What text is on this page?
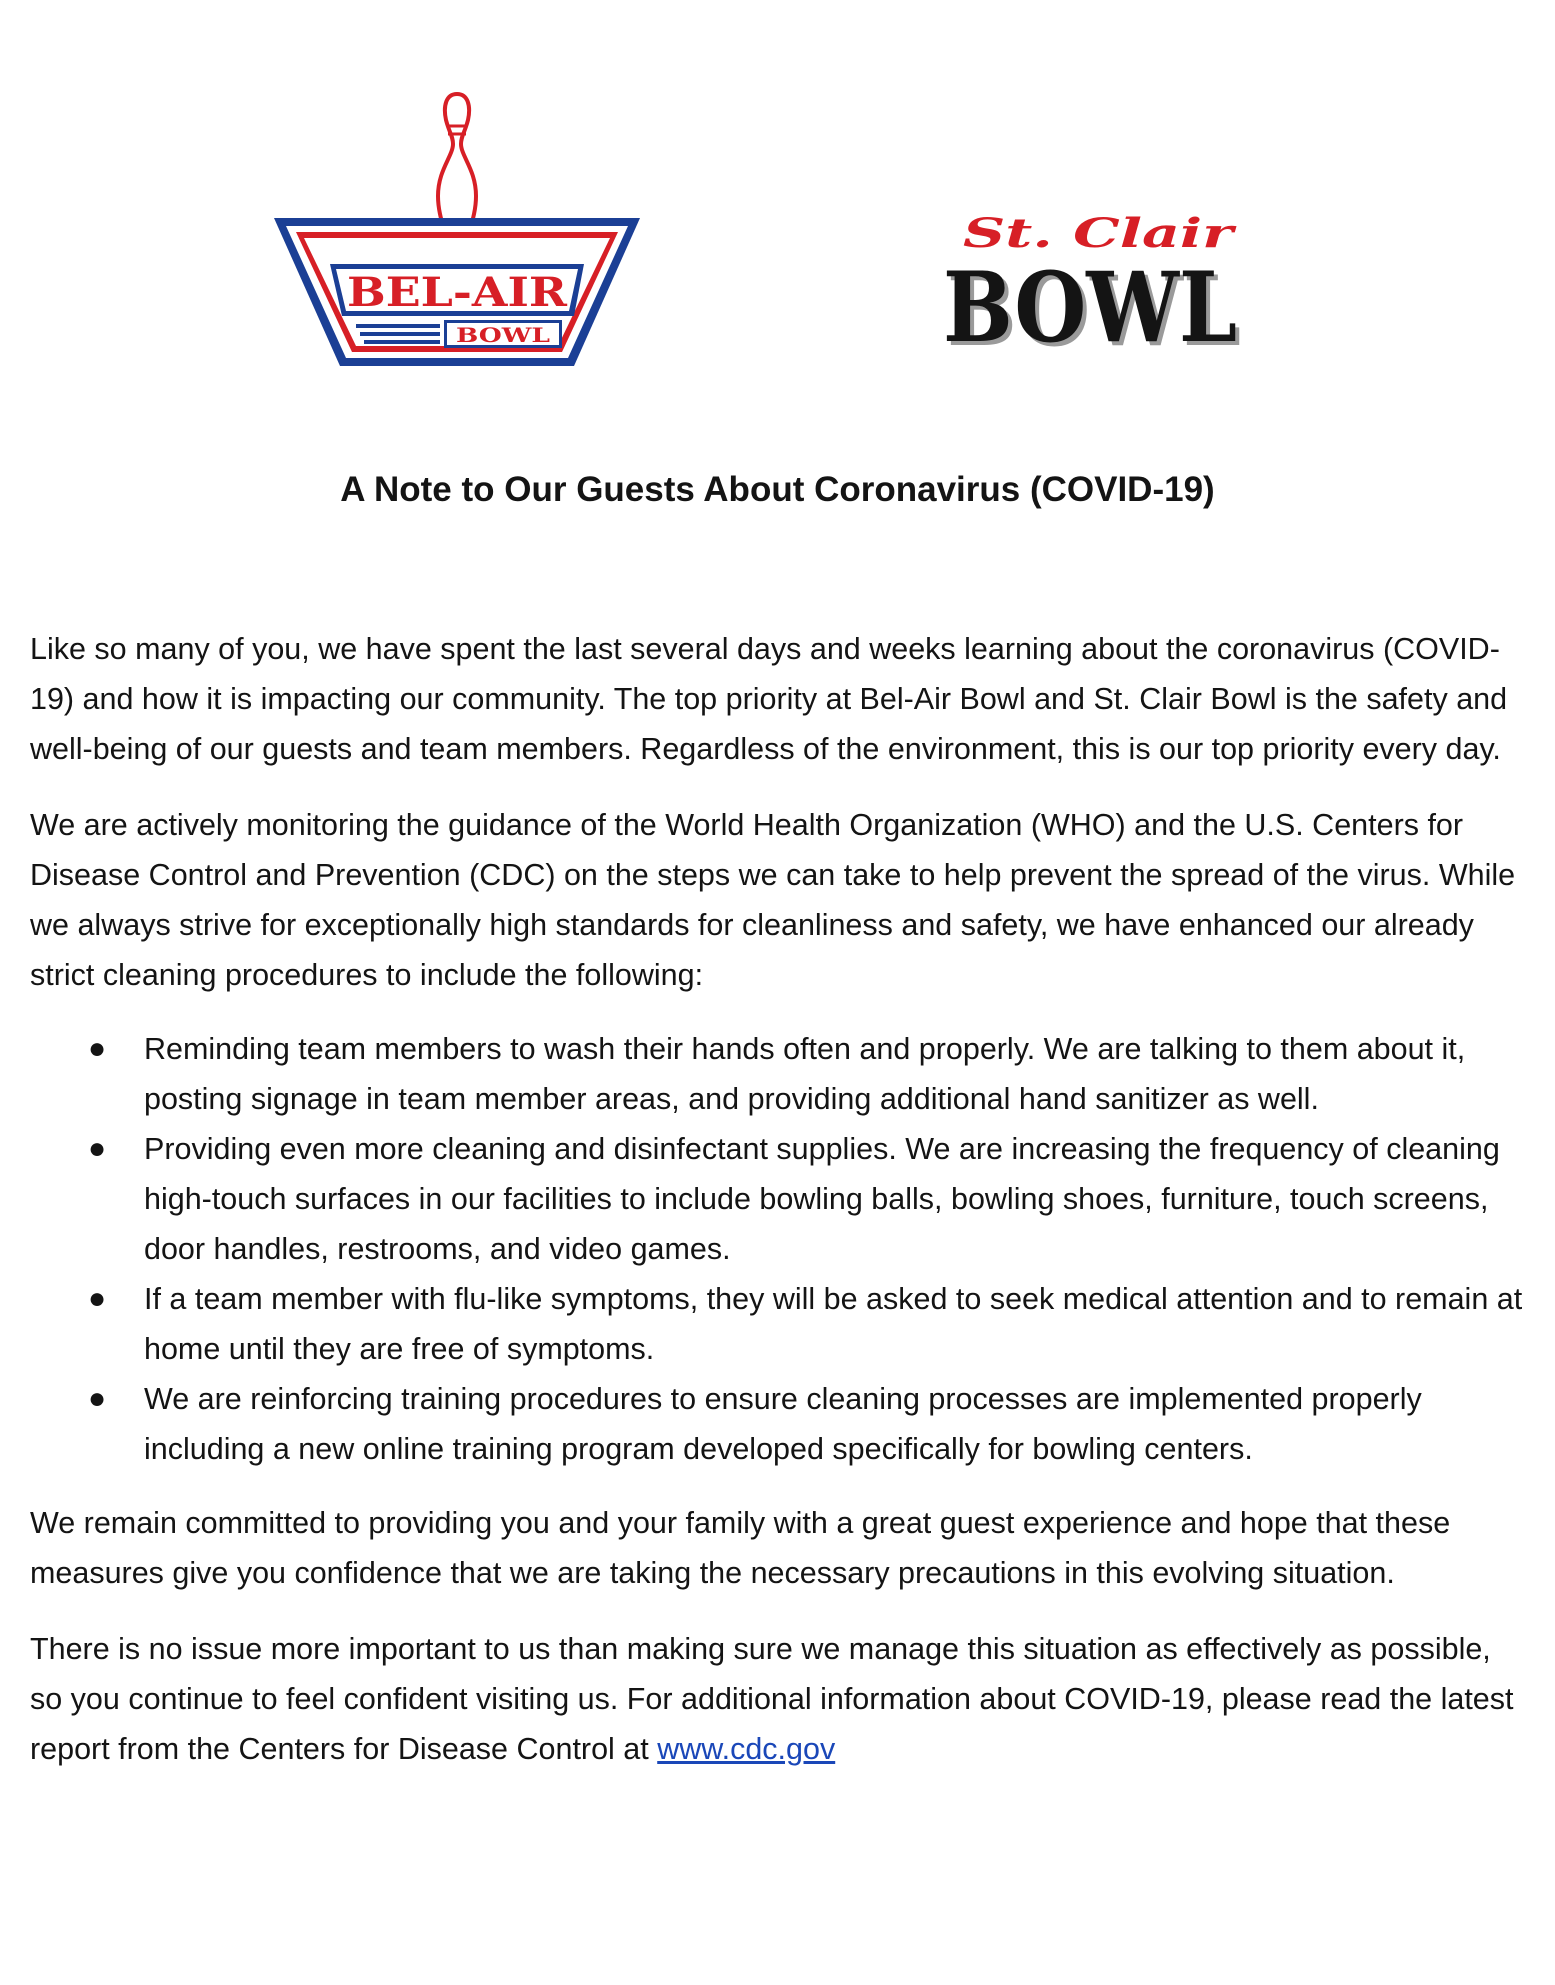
BEL-AIR
BOWL
St. Clair
BOWL
BOWL
A Note to Our Guests About Coronavirus (COVID-19)

Like so many of you, we have spent the last several days and weeks learning about the coronavirus (COVID-19) and how it is impacting our community. The top priority at Bel-Air Bowl and St. Clair Bowl is the safety and well-being of our guests and team members. Regardless of the environment, this is our top priority every day.

We are actively monitoring the guidance of the World Health Organization (WHO) and the U.S. Centers for Disease Control and Prevention (CDC) on the steps we can take to help prevent the spread of the virus. While we always strive for exceptionally high standards for cleanliness and safety, we have enhanced our already strict cleaning procedures to include the following:

● Reminding team members to wash their hands often and properly. We are talking to them about it, posting signage in team member areas, and providing additional hand sanitizer as well.
● Providing even more cleaning and disinfectant supplies. We are increasing the frequency of cleaning high-touch surfaces in our facilities to include bowling balls, bowling shoes, furniture, touch screens, door handles, restrooms, and video games.
● If a team member with flu-like symptoms, they will be asked to seek medical attention and to remain at home until they are free of symptoms.
● We are reinforcing training procedures to ensure cleaning processes are implemented properly including a new online training program developed specifically for bowling centers.

We remain committed to providing you and your family with a great guest experience and hope that these measures give you confidence that we are taking the necessary precautions in this evolving situation.

There is no issue more important to us than making sure we manage this situation as effectively as possible, so you continue to feel confident visiting us. For additional information about COVID-19, please read the latest report from the Centers for Disease Control at www.cdc.gov
